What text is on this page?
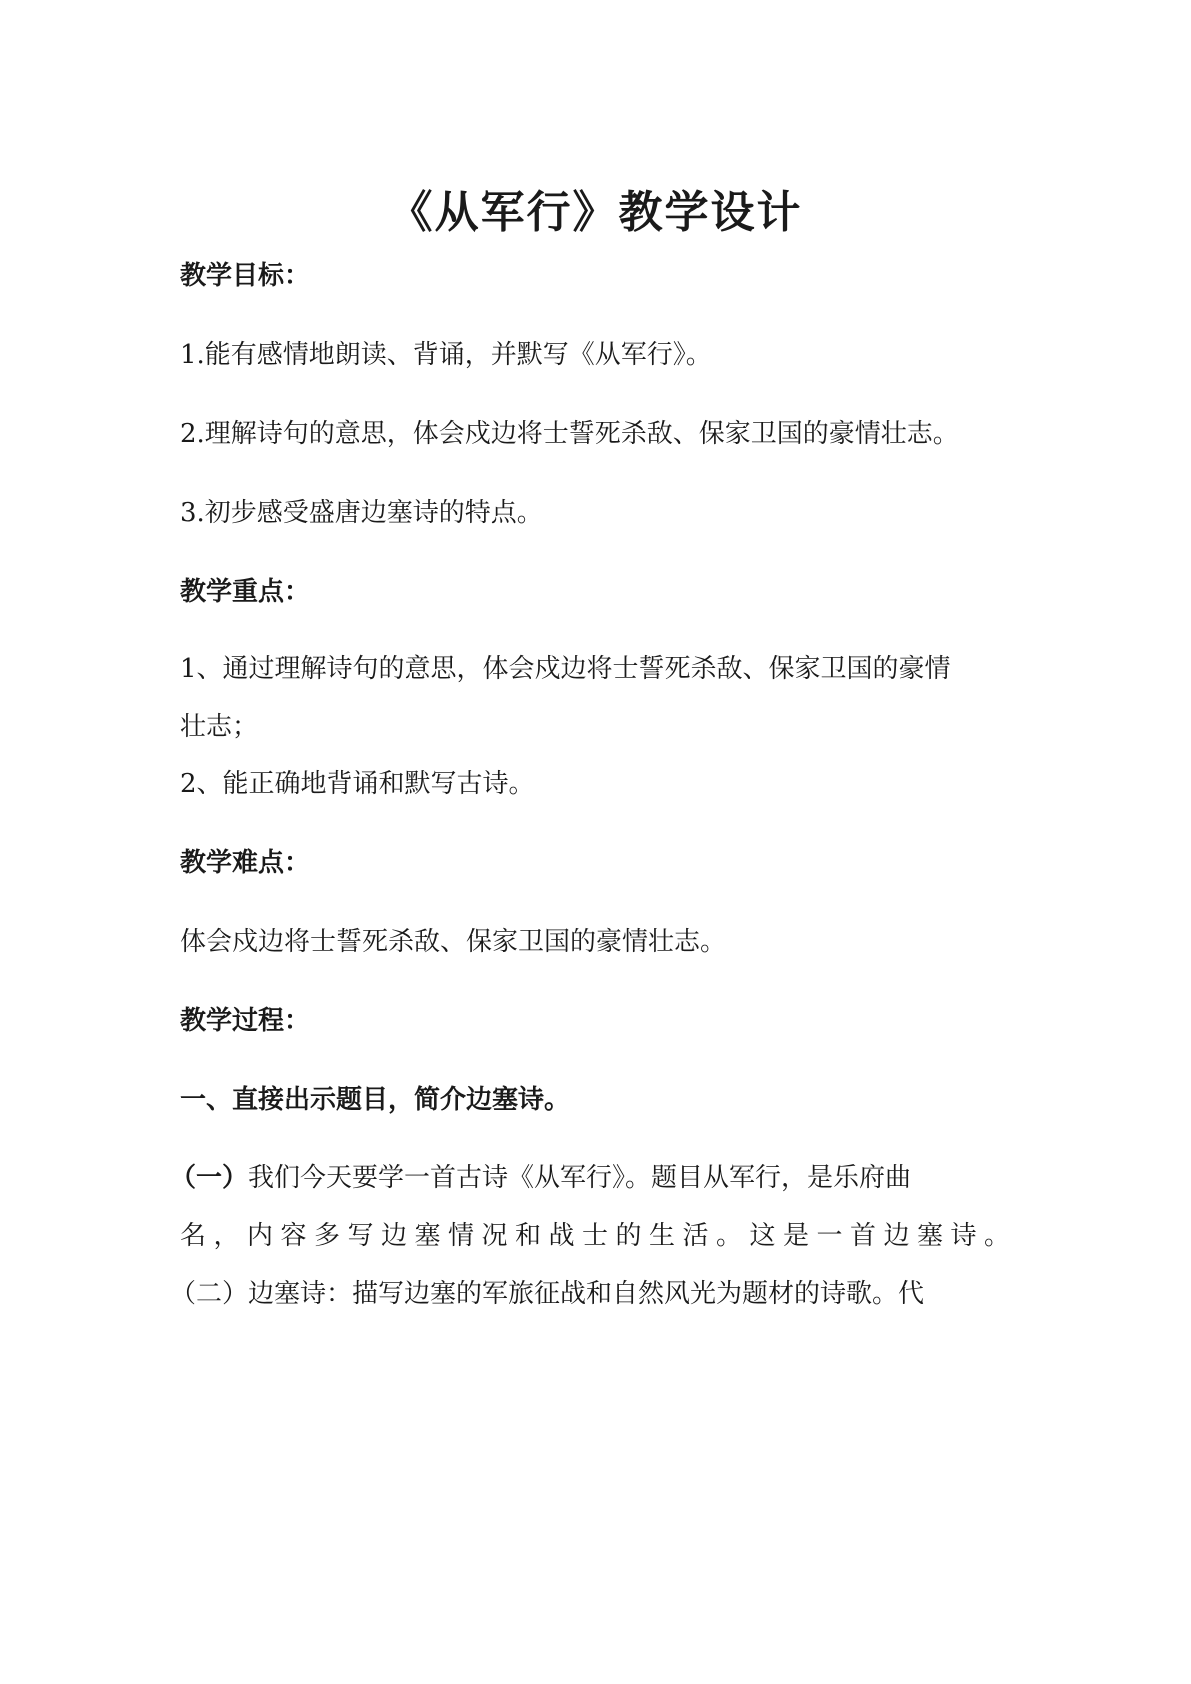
《从军行》教学设计
教学目标：
1.能有感情地朗读、背诵，并默写《从军行》。
2.理解诗句的意思，体会戍边将士誓死杀敌、保家卫国的豪情壮志。
3.初步感受盛唐边塞诗的特点。
教学重点：
1、通过理解诗句的意思，体会戍边将士誓死杀敌、保家卫国的豪情
壮志；
2、能正确地背诵和默写古诗。
教学难点：
体会戍边将士誓死杀敌、保家卫国的豪情壮志。
教学过程：
一、直接出示题目，简介边塞诗。
（一）我们今天要学一首古诗《从军行》。题目从军行，是乐府曲
名，内容多写边塞情况和战士的生活。这是一首边塞诗。
（二）边塞诗：描写边塞的军旅征战和自然风光为题材的诗歌。代
